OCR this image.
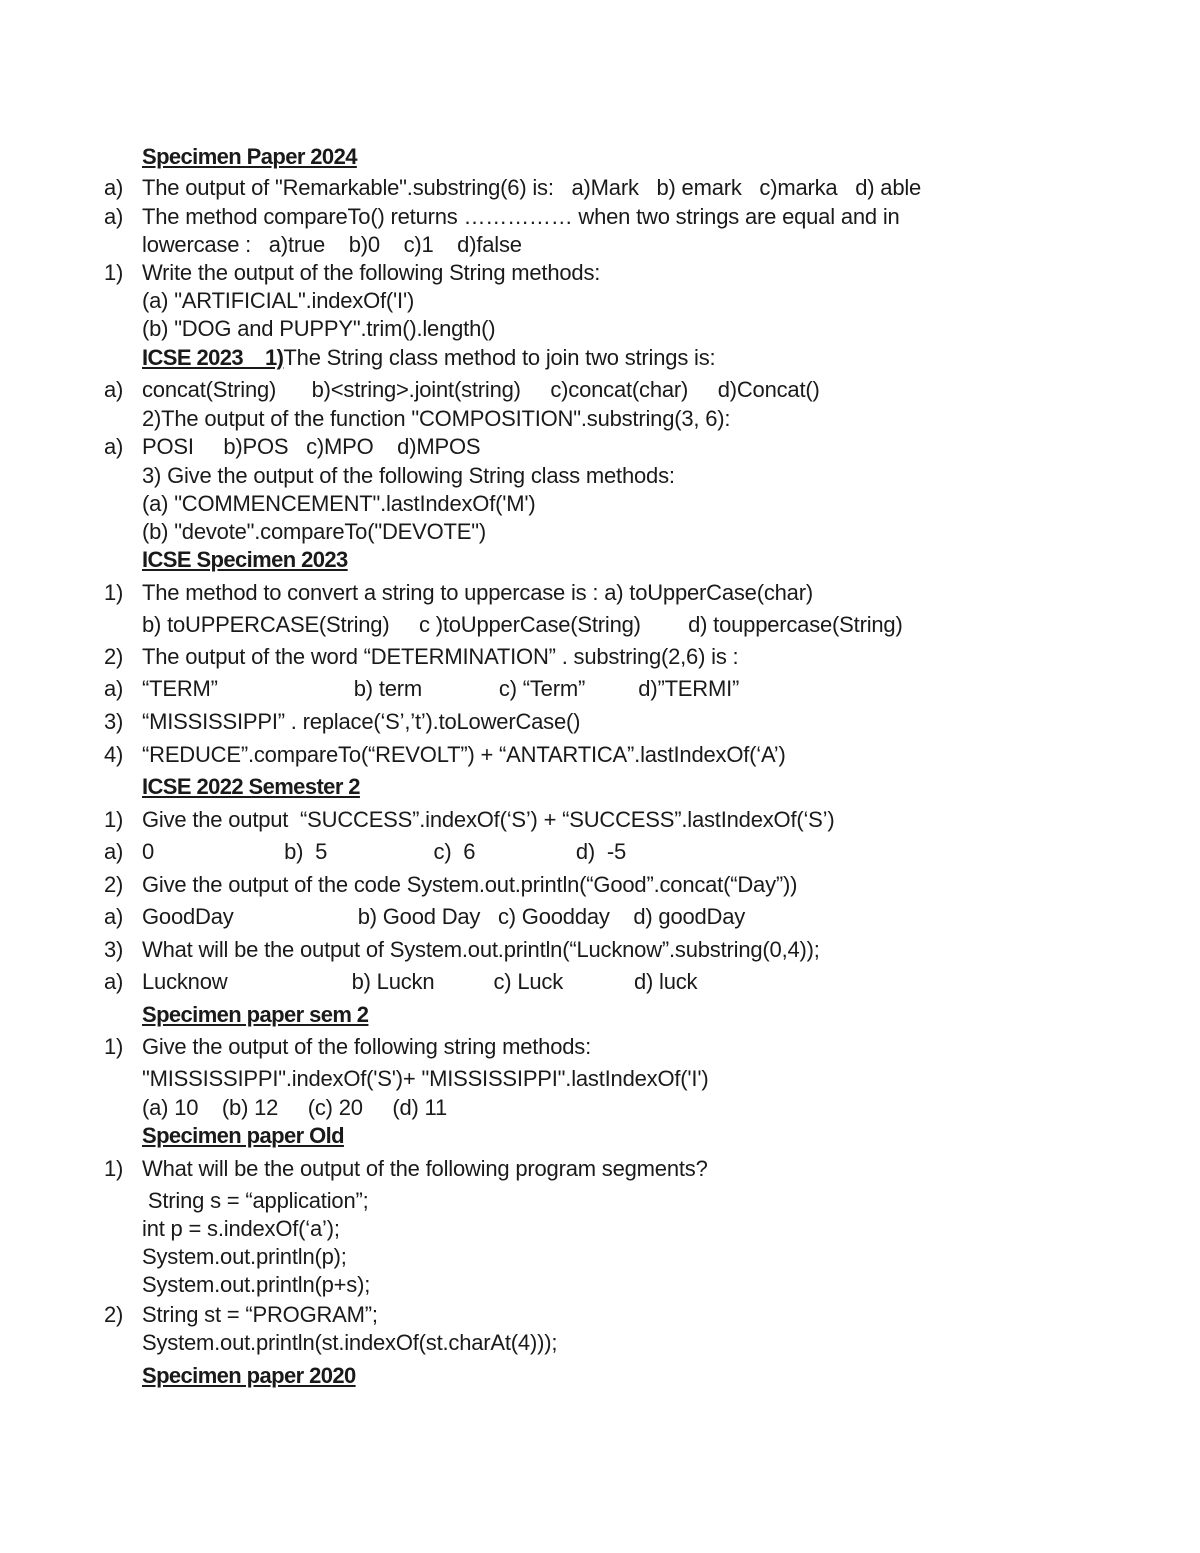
Specimen Paper 2024
a) The output of "Remarkable".substring(6) is:   a)Mark   b) emark   c)marka   d) able
a) The method compareTo() returns …………… when two strings are equal and in
lowercase :   a)true    b)0    c)1    d)false
1) Write the output of the following String methods:
(a) "ARTIFICIAL".indexOf('I')
(b) "DOG and PUPPY".trim().length()
ICSE 2023    1)The String class method to join two strings is:
a) concat(String)      b)<string>.joint(string)     c)concat(char)     d)Concat()
2)The output of the function "COMPOSITION".substring(3, 6):
a) POSI     b)POS   c)MPO    d)MPOS
3) Give the output of the following String class methods:
(a) "COMMENCEMENT".lastIndexOf('M')
(b) "devote".compareTo("DEVOTE")
ICSE Specimen 2023
1) The method to convert a string to uppercase is : a) toUpperCase(char)
b) toUPPERCASE(String)     c )toUpperCase(String)        d) touppercase(String)
2) The output of the word “DETERMINATION” . substring(2,6) is :
a) “TERM”                       b) term             c) “Term”         d)”TERMI”
3) “MISSISSIPPI” . replace(‘S’,’t’).toLowerCase()
4) “REDUCE”.compareTo(“REVOLT”) + “ANTARTICA”.lastIndexOf(‘A’)
ICSE 2022 Semester 2
1) Give the output  “SUCCESS”.indexOf(‘S’) + “SUCCESS”.lastIndexOf(‘S’)
a) 0                      b)  5                  c)  6                 d)  -5
2) Give the output of the code System.out.println(“Good”.concat(“Day”))
a) GoodDay                     b) Good Day   c) Goodday    d) goodDay
3) What will be the output of System.out.println(“Lucknow”.substring(0,4));
a) Lucknow                     b) Luckn          c) Luck            d) luck
Specimen paper sem 2
1) Give the output of the following string methods:
"MISSISSIPPI".indexOf('S')+ "MISSISSIPPI".lastIndexOf('I')
(a) 10    (b) 12     (c) 20     (d) 11
Specimen paper Old
1) What will be the output of the following program segments?
String s = “application”;
int p = s.indexOf(‘a’);
System.out.println(p);
System.out.println(p+s);
2) String st = “PROGRAM”;
System.out.println(st.indexOf(st.charAt(4)));
Specimen paper 2020
